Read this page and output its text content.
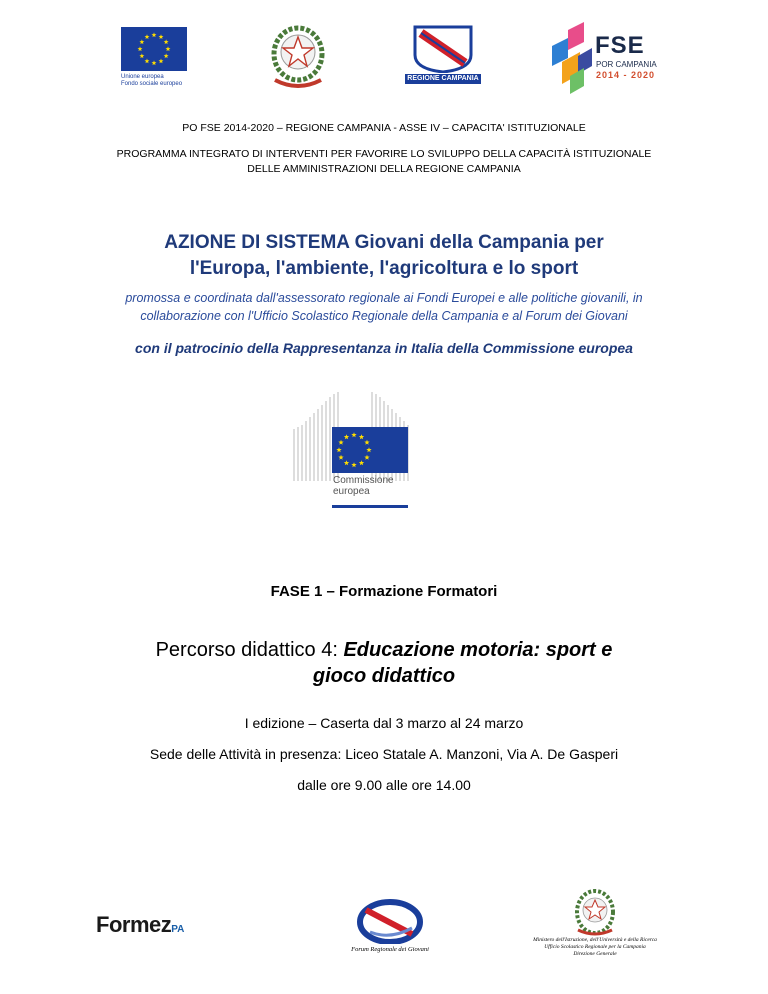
Unione europea
Fondo sociale europeo
REGIONE CAMPANIA
FSE
POR CAMPANIA
2014 - 2020
PO FSE 2014-2020 – REGIONE CAMPANIA - ASSE IV – CAPACITA' ISTITUZIONALE
PROGRAMMA INTEGRATO DI INTERVENTI PER FAVORIRE LO SVILUPPO DELLA CAPACITÀ ISTITUZIONALE
DELLE AMMINISTRAZIONI DELLA REGIONE CAMPANIA
AZIONE DI SISTEMA Giovani della Campania per
l'Europa, l'ambiente, l'agricoltura e lo sport
promossa e coordinata dall'assessorato regionale ai Fondi Europei e alle politiche giovanili, in
collaborazione con l'Ufficio Scolastico Regionale della Campania e al Forum dei Giovani
con il patrocinio della Rappresentanza in Italia della Commissione europea
Commissione
europea
FASE 1 – Formazione Formatori
Percorso didattico 4: Educazione motoria: sport e
gioco didattico
I edizione – Caserta dal 3 marzo al 24 marzo
Sede delle Attività in presenza: Liceo Statale A. Manzoni, Via A. De Gasperi
dalle ore 9.00 alle ore 14.00
FormezPA
Forum Regionale dei Giovani
Ministero dell'Istruzione, dell'Università e della Ricerca
Ufficio Scolastico Regionale per la Campania
Direzione Generale
